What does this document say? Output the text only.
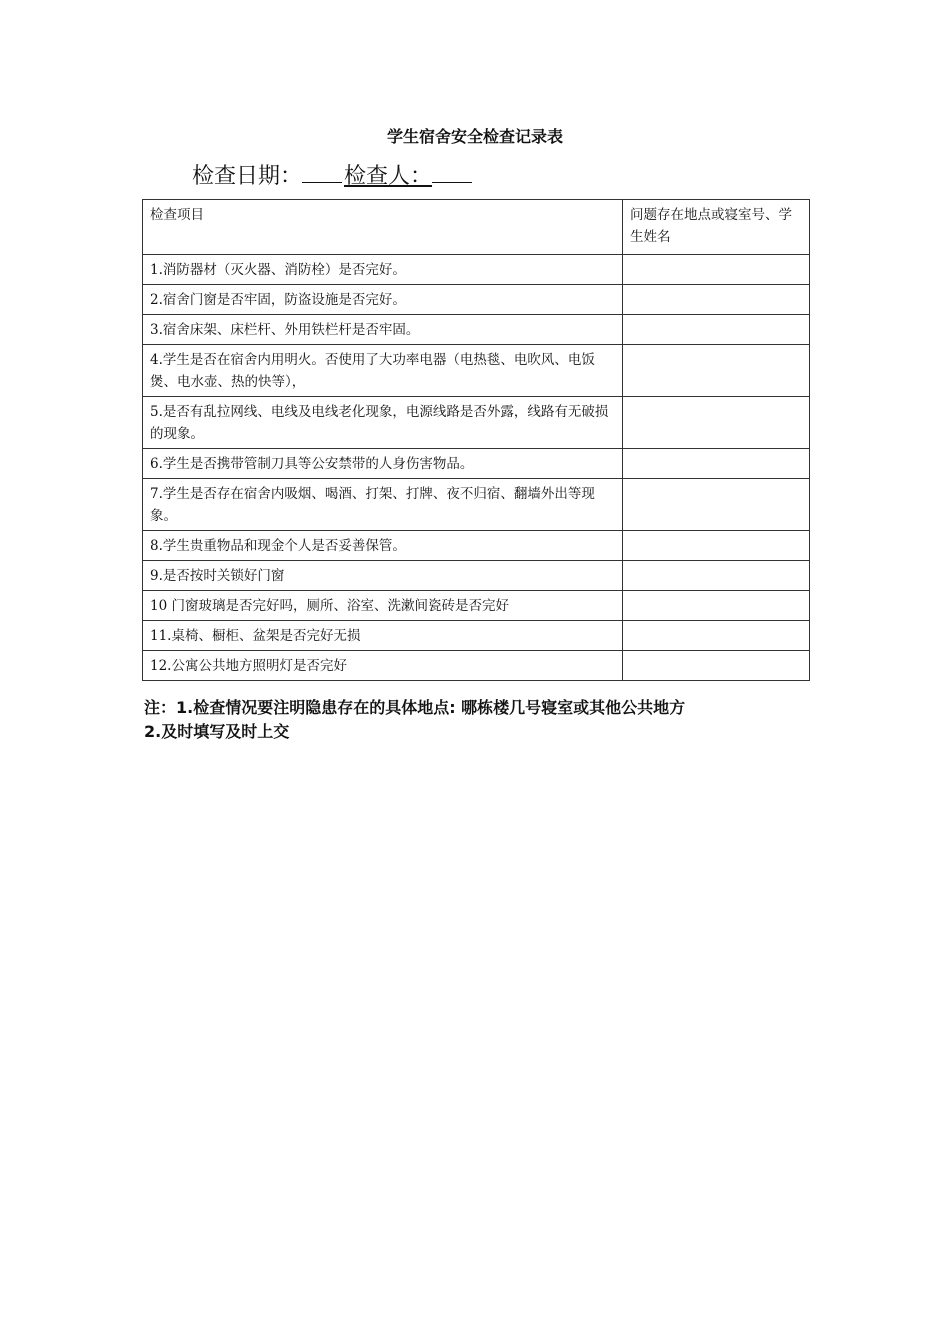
学生宿舍安全检查记录表
检查日期： 检查人：
检查项目	问题存在地点或寝室号、学生姓名
1.消防器材（灭火器、消防栓）是否完好。	
2.宿舍门窗是否牢固，防盗设施是否完好。	
3.宿舍床架、床栏杆、外用铁栏杆是否牢固。	
4.学生是否在宿舍内用明火。否使用了大功率电器（电热毯、电吹风、电饭煲、电水壶、热的快等），	
5.是否有乱拉网线、电线及电线老化现象，电源线路是否外露，线路有无破损的现象。	
6.学生是否携带管制刀具等公安禁带的人身伤害物品。	
7.学生是否存在宿舍内吸烟、喝酒、打架、打牌、夜不归宿、翻墙外出等现象。	
8.学生贵重物品和现金个人是否妥善保管。	
9.是否按时关锁好门窗	
10 门窗玻璃是否完好吗，厕所、浴室、洗漱间瓷砖是否完好	
11.桌椅、橱柜、盆架是否完好无损	
12.公寓公共地方照明灯是否完好	
注：1.检查情况要注明隐患存在的具体地点: 哪栋楼几号寝室或其他公共地方
2.及时填写及时上交
